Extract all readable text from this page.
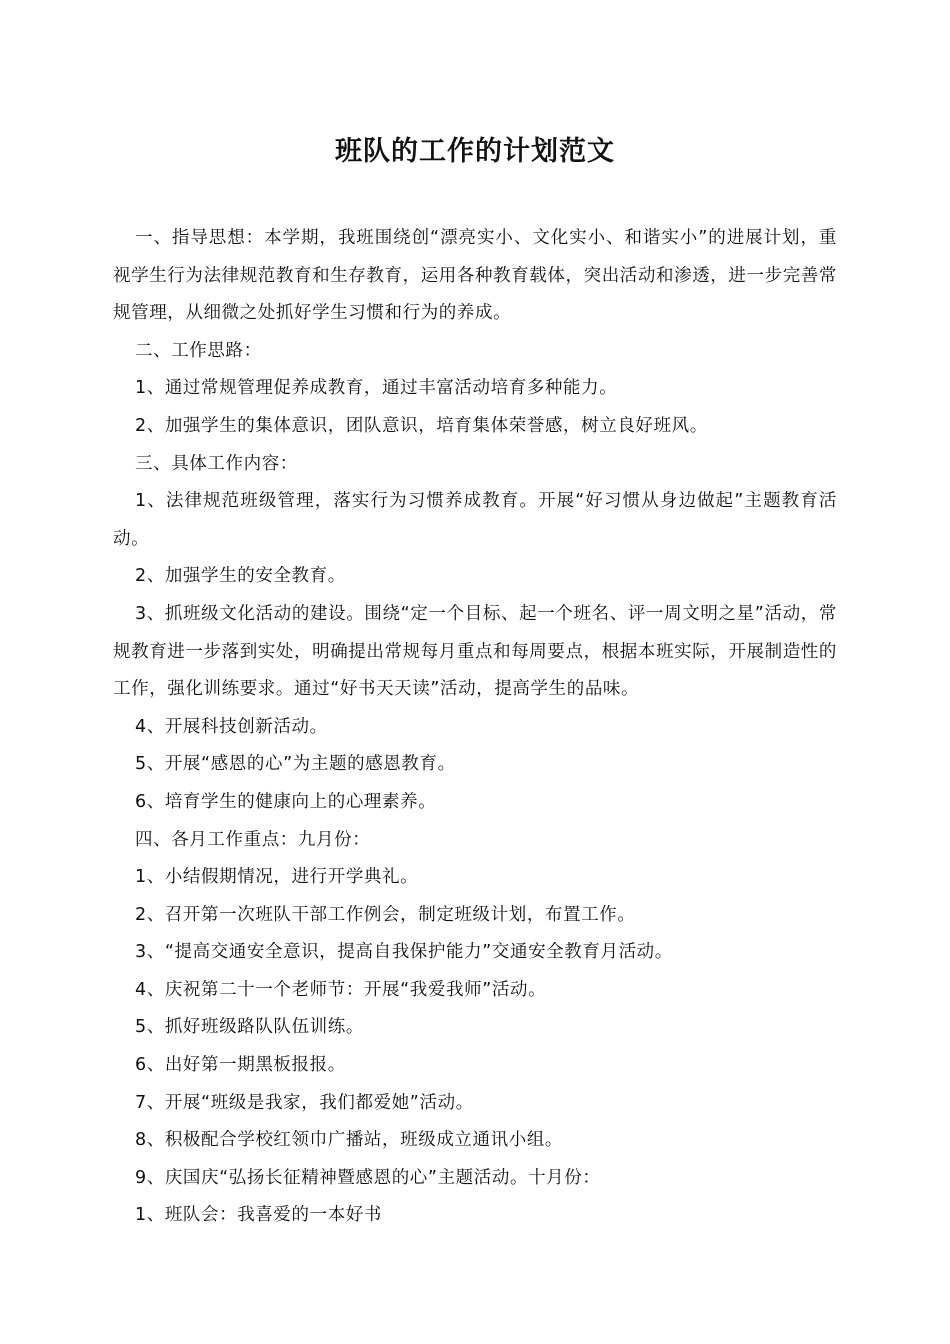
班队的工作的计划范文

一、指导思想：本学期，我班围绕创“漂亮实小、文化实小、和谐实小”的进展计划，重视学生行为法律规范教育和生存教育，运用各种教育载体，突出活动和渗透，进一步完善常规管理，从细微之处抓好学生习惯和行为的养成。

二、工作思路：

1、通过常规管理促养成教育，通过丰富活动培育多种能力。

2、加强学生的集体意识，团队意识，培育集体荣誉感，树立良好班风。

三、具体工作内容：

1、法律规范班级管理，落实行为习惯养成教育。开展“好习惯从身边做起”主题教育活动。

2、加强学生的安全教育。

3、抓班级文化活动的建设。围绕“定一个目标、起一个班名、评一周文明之星”活动，常规教育进一步落到实处，明确提出常规每月重点和每周要点，根据本班实际，开展制造性的工作，强化训练要求。通过“好书天天读”活动，提高学生的品味。

4、开展科技创新活动。

5、开展“感恩的心”为主题的感恩教育。

6、培育学生的健康向上的心理素养。

四、各月工作重点：九月份：

1、小结假期情况，进行开学典礼。

2、召开第一次班队干部工作例会，制定班级计划，布置工作。

3、“提高交通安全意识，提高自我保护能力”交通安全教育月活动。

4、庆祝第二十一个老师节：开展“我爱我师”活动。

5、抓好班级路队队伍训练。

6、出好第一期黑板报报。

7、开展“班级是我家，我们都爱她”活动。

8、积极配合学校红领巾广播站，班级成立通讯小组。

9、庆国庆“弘扬长征精神暨感恩的心”主题活动。十月份：

1、班队会：我喜爱的一本好书
